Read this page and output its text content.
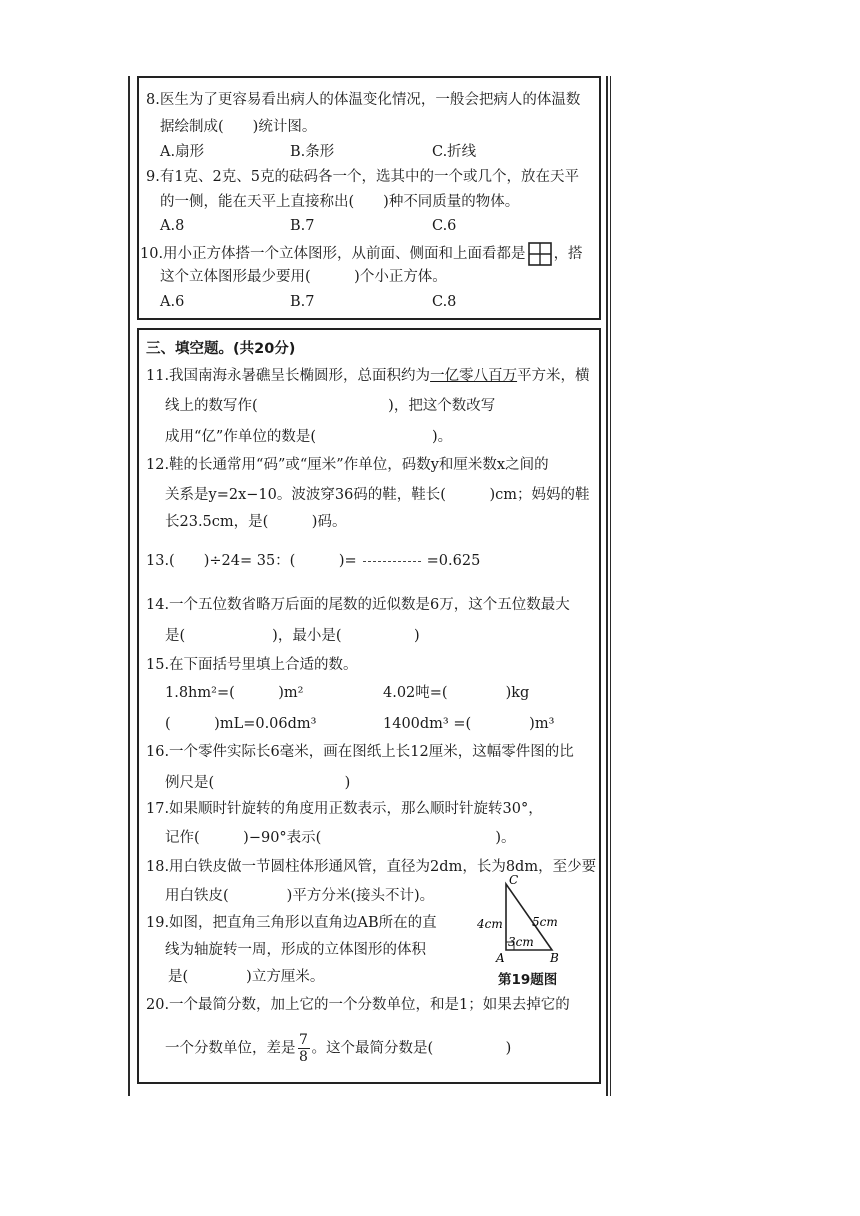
8.医生为了更容易看出病人的体温变化情况，一般会把病人的体温数
据绘制成(　　)统计图。
A.扇形	B.条形	C.折线
9.有1克、2克、5克的砝码各一个，选其中的一个或几个，放在天平
的一侧，能在天平上直接称出(　　)种不同质量的物体。
A.8	B.7	C.6
10.用小正方体搭一个立体图形，从前面、侧面和上面看都是 ，搭
这个立体图形最少要用(　　　)个小正方体。
A.6	B.7	C.8
三、填空题。(共20分)
11.我国南海永暑礁呈长椭圆形，总面积约为一亿零八百万平方米，横
线上的数写作(　　　　　　　　　)，把这个数改写
成用“亿”作单位的数是(　　　　　　　　)。
12.鞋的长通常用“码”或“厘米”作单位，码数y和厘米数x之间的
关系是y=2x−10。波波穿36码的鞋，鞋长(　　　)cm；妈妈的鞋
长23.5cm，是(　　　)码。
13.(　　)÷24= 35：(　　　)=	=0.625
14.一个五位数省略万后面的尾数的近似数是6万，这个五位数最大
是(　　　　　　)，最小是(　　　　　)
15.在下面括号里填上合适的数。
1.8hm²=(　　　)m²	4.02吨=(　　　　)kg
(　　　)mL=0.06dm³	1400dm³ =(　　　　)m³
16.一个零件实际长6毫米，画在图纸上长12厘米，这幅零件图的比
例尺是(　　　　　　　　　)
17.如果顺时针旋转的角度用正数表示，那么顺时针旋转30°，
记作(　　　)−90°表示(　　　　　　　　　　　　)。
18.用白铁皮做一节圆柱体形通风管，直径为2dm，长为8dm，至少要
用白铁皮(　　　　)平方分米(接头不计)。
19.如图，把直角三角形以直角边AB所在的直
线为轴旋转一周，形成的立体图形的体积
是(　　　　)立方厘米。
C
A	B
4cm 5cm
3cm
第19题图
20.一个最简分数，加上它的一个分数单位，和是1；如果去掉它的
一个分数单位，差是 $\frac{7}{8}$ 。这个最简分数是(　　　　　)
